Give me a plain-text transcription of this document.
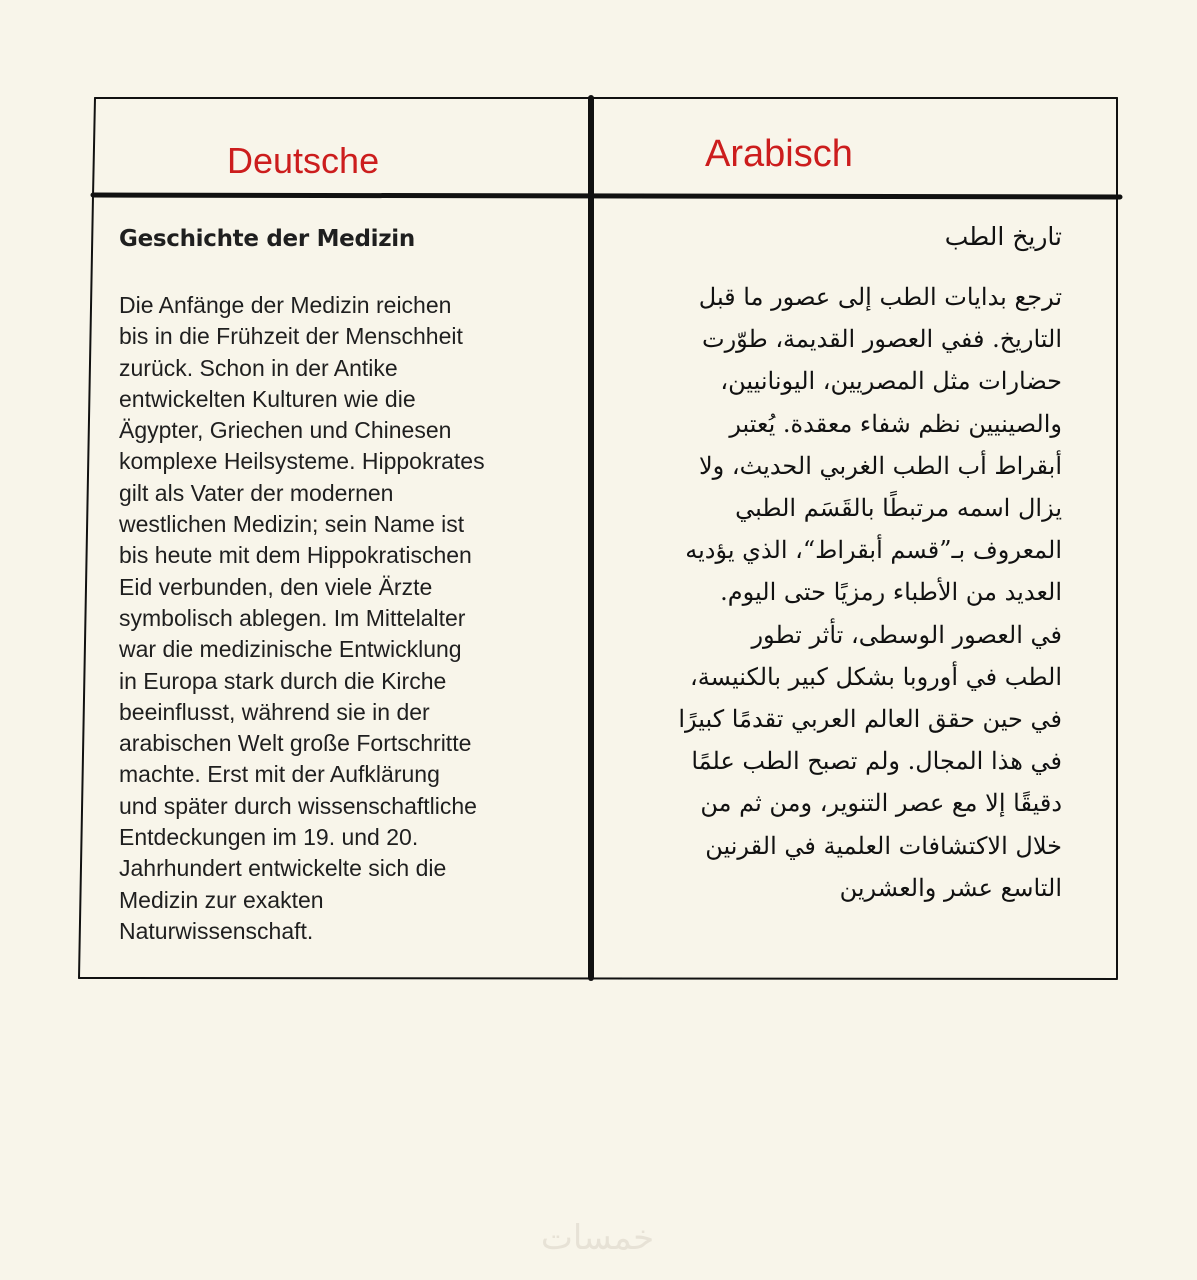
Deutsche	Arabisch
Geschichte der Medizin
Die Anfänge der Medizin reichen
bis in die Frühzeit der Menschheit
zurück. Schon in der Antike
entwickelten Kulturen wie die
Ägypter, Griechen und Chinesen
komplexe Heilsysteme. Hippokrates
gilt als Vater der modernen
westlichen Medizin; sein Name ist
bis heute mit dem Hippokratischen
Eid verbunden, den viele Ärzte
symbolisch ablegen. Im Mittelalter
war die medizinische Entwicklung
in Europa stark durch die Kirche
beeinflusst, während sie in der
arabischen Welt große Fortschritte
machte. Erst mit der Aufklärung
und später durch wissenschaftliche
Entdeckungen im 19. und 20.
Jahrhundert entwickelte sich die
Medizin zur exakten
Naturwissenschaft.
تاريخ الطب
ترجع بدايات الطب إلى عصور ما قبل
التاريخ. ففي العصور القديمة، طوّرت
حضارات مثل المصريين، اليونانيين،
والصينيين نظم شفاء معقدة. يُعتبر
أبقراط أب الطب الغربي الحديث، ولا
يزال اسمه مرتبطًا بالقَسَم الطبي
المعروف بـ”قسم أبقراط“، الذي يؤديه
العديد من الأطباء رمزيًا حتى اليوم.
في العصور الوسطى، تأثر تطور
الطب في أوروبا بشكل كبير بالكنيسة،
في حين حقق العالم العربي تقدمًا كبيرًا
في هذا المجال. ولم تصبح الطب علمًا
دقيقًا إلا مع عصر التنوير، ومن ثم من
خلال الاكتشافات العلمية في القرنين
التاسع عشر والعشرين
خمسات
